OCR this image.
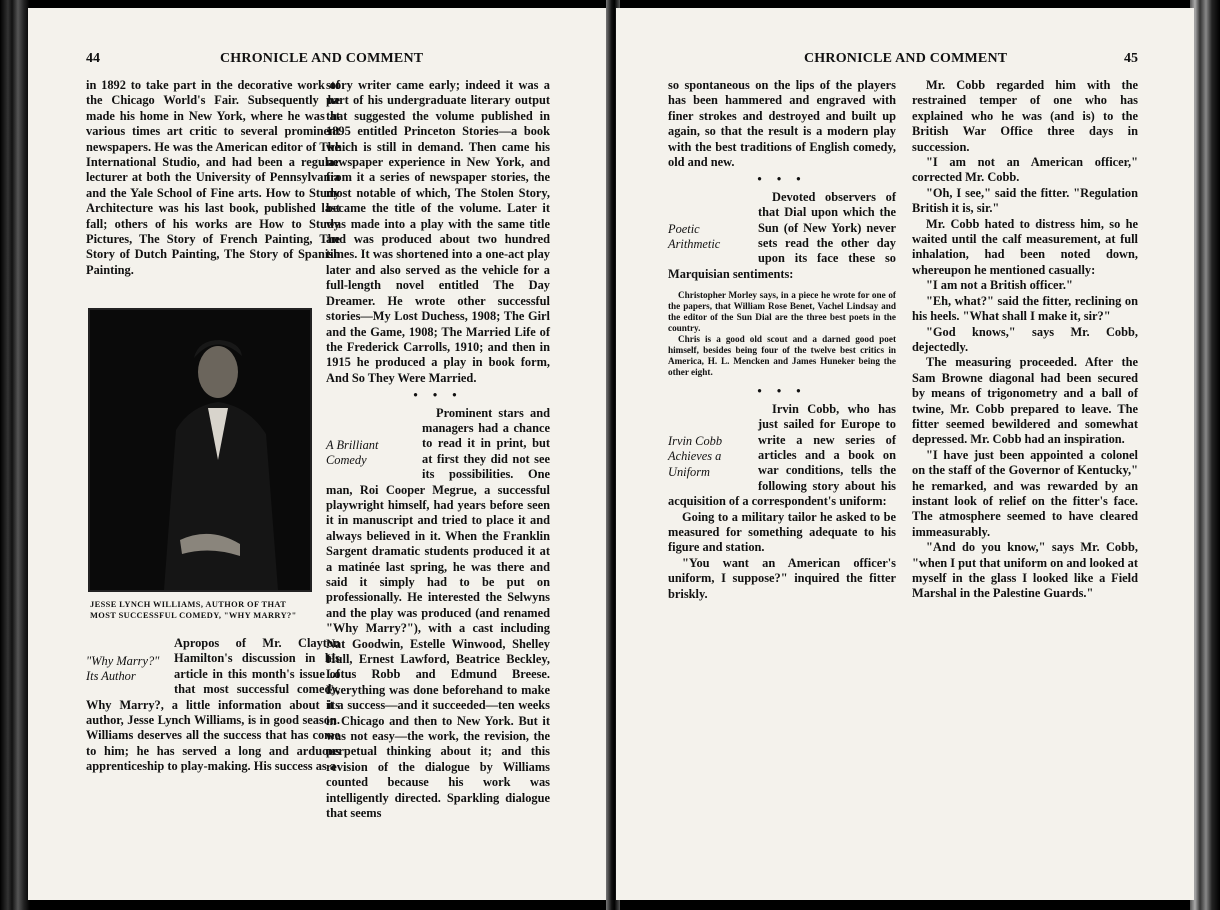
44	CHRONICLE AND COMMENT

in 1892 to take part in the decorative work of the Chicago World's Fair. Subsequently he made his home in New York, where he was at various times art critic to several prominent newspapers. He was the American editor of The International Studio, and had been a regular lecturer at both the University of Pennsylvania and the Yale School of Fine arts. How to Study Architecture was his last book, published last fall; others of his works are How to Study Pictures, The Story of French Painting, The Story of Dutch Painting, The Story of Spanish Painting.

JESSE LYNCH WILLIAMS, AUTHOR OF THAT MOST SUCCESSFUL COMEDY, "WHY MARRY?"
"Why Marry?" Its Author

Apropos of Mr. Clayton Hamilton's discussion in his article in this month's issue of that most successful comedy, Why Marry?, a little information about its author, Jesse Lynch Williams, is in good season. Williams deserves all the success that has come to him; he has served a long and arduous apprenticeship to play-making. His success as a

story writer came early; indeed it was a part of his undergraduate literary output that suggested the volume published in 1895 entitled Princeton Stories—a book which is still in demand. Then came his newspaper experience in New York, and from it a series of newspaper stories, the most notable of which, The Stolen Story, became the title of the volume. Later it was made into a play with the same title and was produced about two hundred times. It was shortened into a one-act play later and also served as the vehicle for a full-length novel entitled The Day Dreamer. He wrote other successful stories—My Lost Duchess, 1908; The Girl and the Game, 1908; The Married Life of the Frederick Carrolls, 1910; and then in 1915 he produced a play in book form, And So They Were Married.

• • •
A Brilliant Comedy

Prominent stars and managers had a chance to read it in print, but at first they did not see its possibilities. One man, Roi Cooper Megrue, a successful playwright himself, had years before seen it in manuscript and tried to place it and always believed in it. When the Franklin Sargent dramatic students produced it at a matinée last spring, he was there and said it simply had to be put on professionally. He interested the Selwyns and the play was produced (and renamed "Why Marry?"), with a cast including Nat Goodwin, Estelle Winwood, Shelley Hull, Ernest Lawford, Beatrice Beckley, Lotus Robb and Edmund Breese. Everything was done beforehand to make it a success—and it succeeded—ten weeks in Chicago and then to New York. But it was not easy—the work, the revision, the perpetual thinking about it; and this revision of the dialogue by Williams counted because his work was intelligently directed. Sparkling dialogue that seems

CHRONICLE AND COMMENT	45

so spontaneous on the lips of the players has been hammered and engraved with finer strokes and destroyed and built up again, so that the result is a modern play with the best traditions of English comedy, old and new.

• • •
Poetic Arithmetic

Devoted observers of that Dial upon which the Sun (of New York) never sets read the other day upon its face these so Marquisian sentiments:

Christopher Morley says, in a piece he wrote for one of the papers, that William Rose Benet, Vachel Lindsay and the editor of the Sun Dial are the three best poets in the country.
Chris is a good old scout and a darned good poet himself, besides being four of the twelve best critics in America, H. L. Mencken and James Huneker being the other eight.
• • •
Irvin Cobb Achieves a Uniform

Irvin Cobb, who has just sailed for Europe to write a new series of articles and a book on war conditions, tells the following story about his acquisition of a correspondent's uniform:

Going to a military tailor he asked to be measured for something adequate to his figure and station.

"You want an American officer's uniform, I suppose?" inquired the fitter briskly.

Mr. Cobb regarded him with the restrained temper of one who has explained who he was (and is) to the British War Office three days in succession.

"I am not an American officer," corrected Mr. Cobb.

"Oh, I see," said the fitter. "Regulation British it is, sir."

Mr. Cobb hated to distress him, so he waited until the calf measurement, at full inhalation, had been noted down, whereupon he mentioned casually:

"I am not a British officer."

"Eh, what?" said the fitter, reclining on his heels. "What shall I make it, sir?"

"God knows," says Mr. Cobb, dejectedly.

The measuring proceeded. After the Sam Browne diagonal had been secured by means of trigonometry and a ball of twine, Mr. Cobb prepared to leave. The fitter seemed bewildered and somewhat depressed. Mr. Cobb had an inspiration.

"I have just been appointed a colonel on the staff of the Governor of Kentucky," he remarked, and was rewarded by an instant look of relief on the fitter's face. The atmosphere seemed to have cleared immeasurably.

"And do you know," says Mr. Cobb, "when I put that uniform on and looked at myself in the glass I looked like a Field Marshal in the Palestine Guards."
